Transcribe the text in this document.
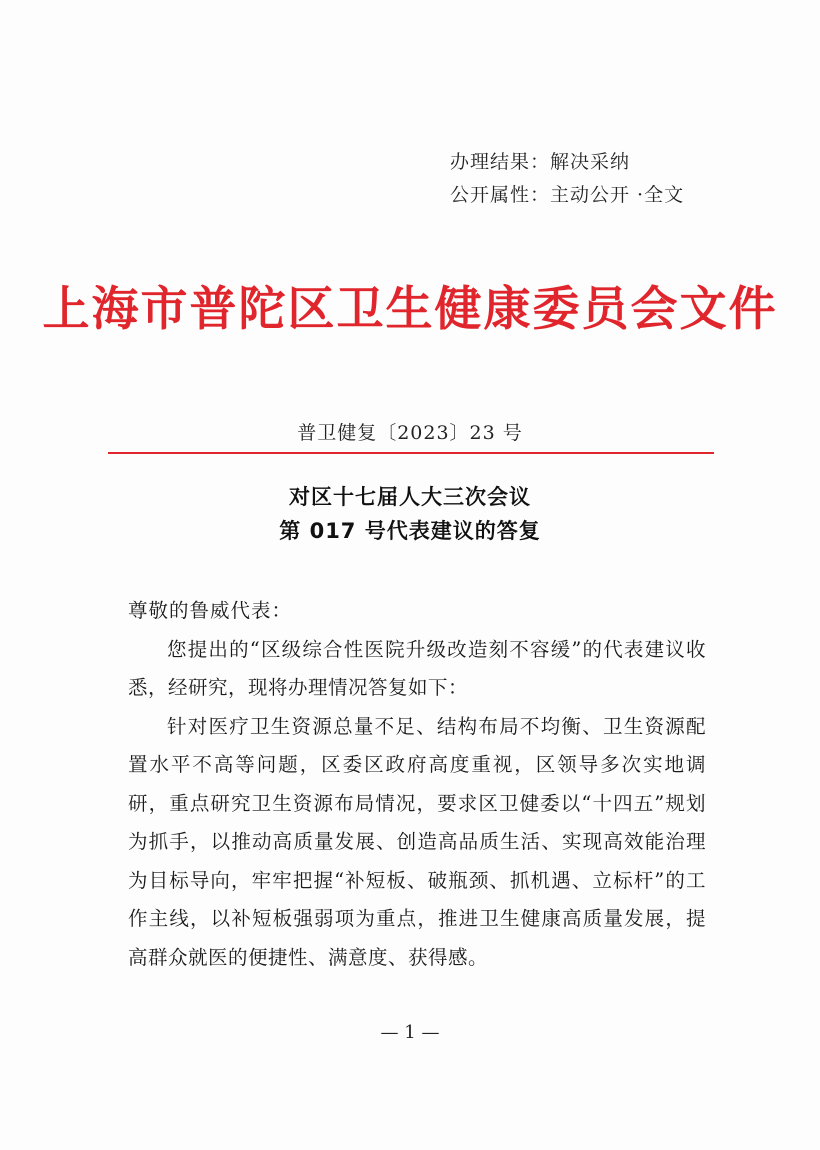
办理结果：解决采纳
公开属性：主动公开 ·全文
上海市普陀区卫生健康委员会文件
普卫健复〔2023〕23 号
对区十七届人大三次会议
第 017 号代表建议的答复

尊敬的鲁威代表：

您提出的“区级综合性医院升级改造刻不容缓”的代表建议收悉，经研究，现将办理情况答复如下：

针对医疗卫生资源总量不足、结构布局不均衡、卫生资源配置水平不高等问题，区委区政府高度重视，区领导多次实地调研，重点研究卫生资源布局情况，要求区卫健委以“十四五”规划为抓手，以推动高质量发展、创造高品质生活、实现高效能治理为目标导向，牢牢把握“补短板、破瓶颈、抓机遇、立标杆”的工作主线，以补短板强弱项为重点，推进卫生健康高质量发展，提高群众就医的便捷性、满意度、获得感。

— 1 —
